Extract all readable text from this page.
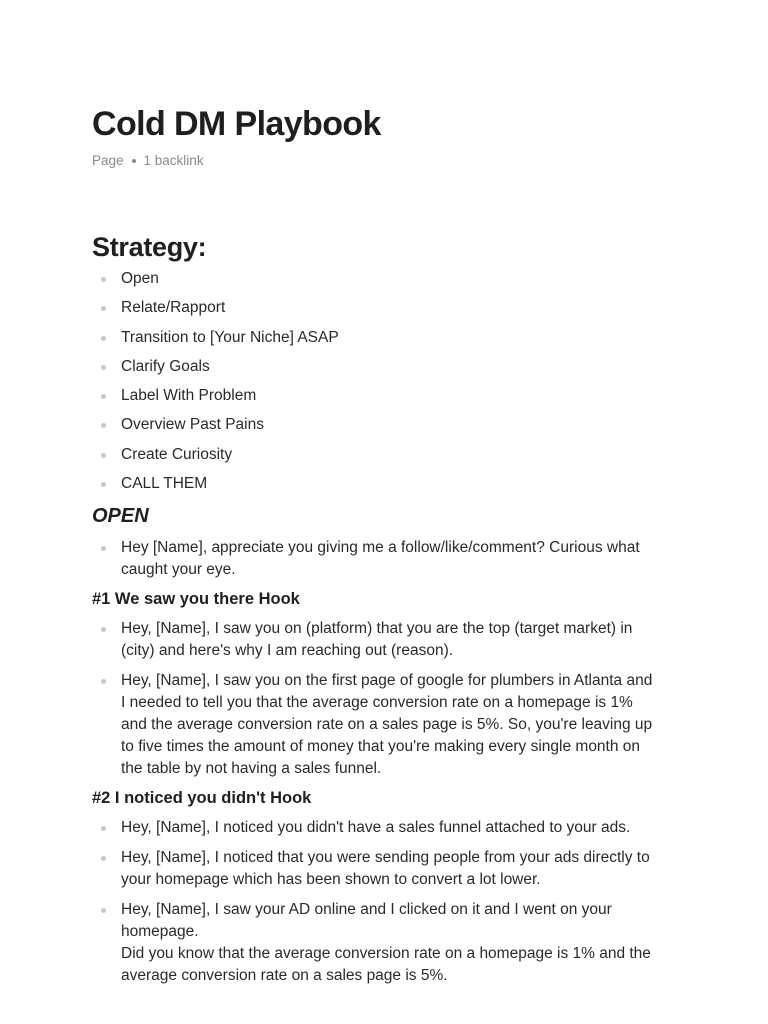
Cold DM Playbook
Page 1 backlink
Strategy:
Open
Relate/Rapport
Transition to [Your Niche] ASAP
Clarify Goals
Label With Problem
Overview Past Pains
Create Curiosity
CALL THEM
OPEN
Hey [Name], appreciate you giving me a follow/like/comment? Curious what caught your eye.
#1 We saw you there Hook
Hey, [Name], I saw you on (platform) that you are the top (target market) in (city) and here's why I am reaching out (reason).
Hey, [Name], I saw you on the first page of google for plumbers in Atlanta and I needed to tell you that the average conversion rate on a homepage is 1% and the average conversion rate on a sales page is 5%. So, you're leaving up to five times the amount of money that you're making every single month on the table by not having a sales funnel.
#2 I noticed you didn't Hook
Hey, [Name], I noticed you didn't have a sales funnel attached to your ads.
Hey, [Name], I noticed that you were sending people from your ads directly to your homepage which has been shown to convert a lot lower.
Hey, [Name], I saw your AD online and I clicked on it and I went on your homepage.
Did you know that the average conversion rate on a homepage is 1% and the average conversion rate on a sales page is 5%.
